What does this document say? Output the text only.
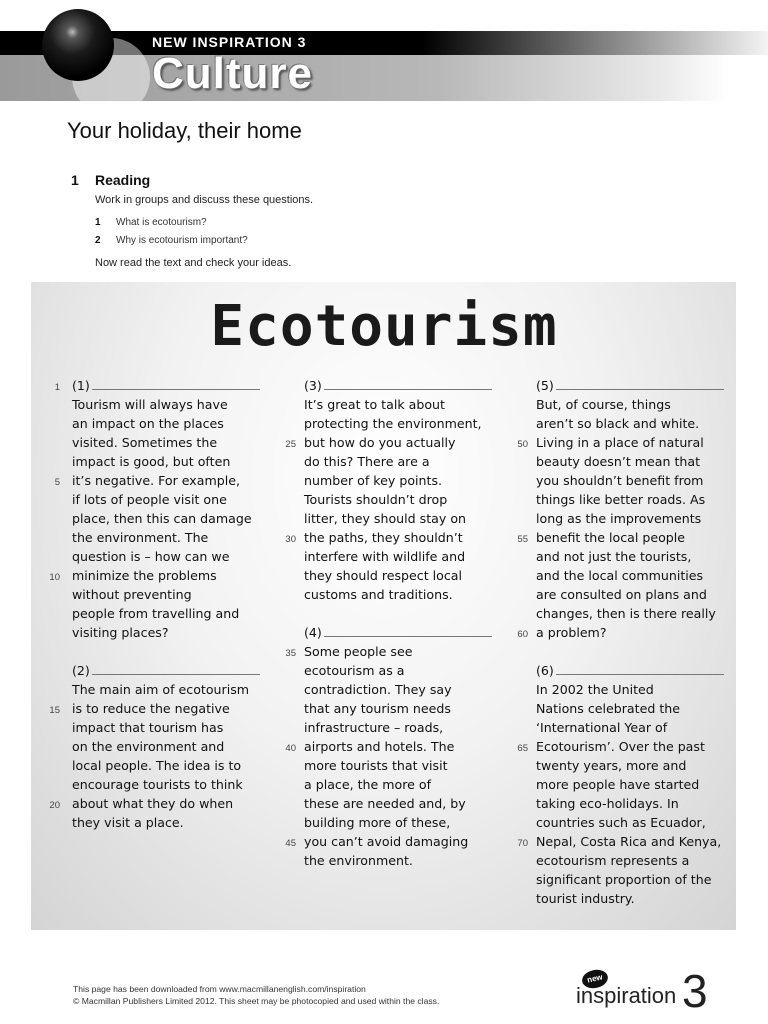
NEW INSPIRATION 3
Culture
Your holiday, their home
1 Reading
Work in groups and discuss these questions.
1 What is ecotourism?
2 Why is ecotourism important?
Now read the text and check your ideas.
Ecotourism
(1)
Tourism will always have
an impact on the places
visited. Sometimes the
impact is good, but often
it’s negative. For example,
if lots of people visit one
place, then this can damage
the environment. The
question is – how can we
minimize the problems
without preventing
people from travelling and
visiting places?
(2)
The main aim of ecotourism
is to reduce the negative
impact that tourism has
on the environment and
local people. The idea is to
encourage tourists to think
about what they do when
they visit a place.
(3)
It’s great to talk about
protecting the environment,
but how do you actually
do this? There are a
number of key points.
Tourists shouldn’t drop
litter, they should stay on
the paths, they shouldn’t
interfere with wildlife and
they should respect local
customs and traditions.
(4)
Some people see
ecotourism as a
contradiction. They say
that any tourism needs
infrastructure – roads,
airports and hotels. The
more tourists that visit
a place, the more of
these are needed and, by
building more of these,
you can’t avoid damaging
the environment.
(5)
But, of course, things
aren’t so black and white.
Living in a place of natural
beauty doesn’t mean that
you shouldn’t benefit from
things like better roads. As
long as the improvements
benefit the local people
and not just the tourists,
and the local communities
are consulted on plans and
changes, then is there really
a problem?
(6)
In 2002 the United
Nations celebrated the
‘International Year of
Ecotourism’. Over the past
twenty years, more and
more people have started
taking eco-holidays. In
countries such as Ecuador,
Nepal, Costa Rica and Kenya,
ecotourism represents a
significant proportion of the
tourist industry.
1
5
10
15
20
25
30
35
40
45
50
55
60
65
70
This page has been downloaded from www.macmillanenglish.com/inspiration
© Macmillan Publishers Limited 2012. This sheet may be photocopied and used within the class.
new
inspiration 3
